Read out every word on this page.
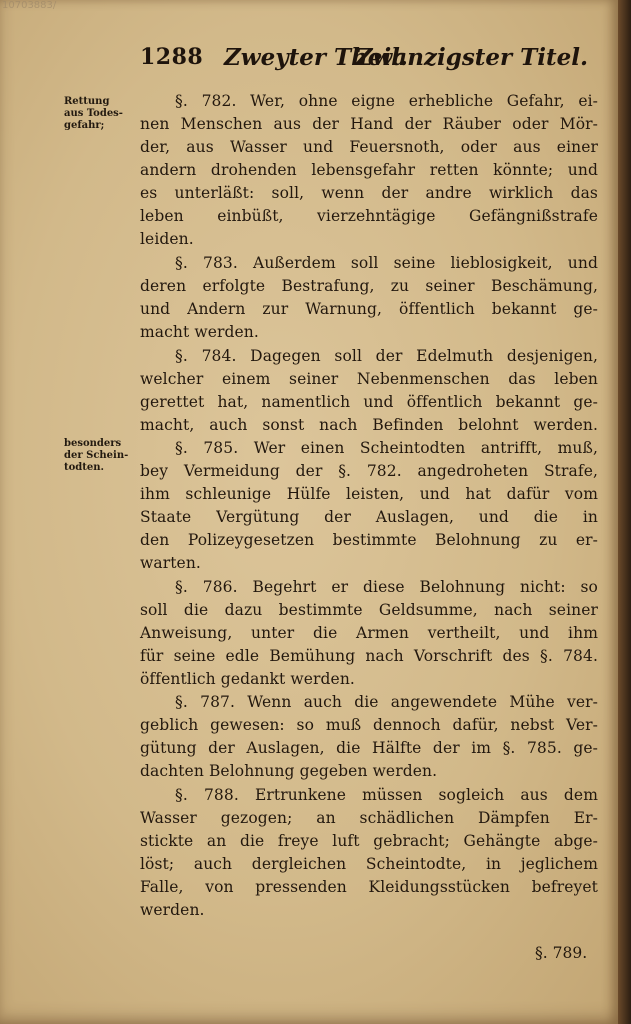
10703883/
1288 Zweyter Theil.
Zwanzigster Titel.
Rettung
aus Todes-
gefahr;
besonders
der Schein-
todten.
§. 782. Wer, ohne eigne erhebliche Gefahr, ei-
nen Menschen aus der Hand der Räuber oder Mör-
der, aus Wasser und Feuersnoth, oder aus einer
andern drohenden lebensgefahr retten könnte; und
es unterläßt: soll, wenn der andre wirklich das
leben einbüßt, vierzehntägige Gefängnißstrafe
leiden.
§. 783. Außerdem soll seine lieblosigkeit, und
deren erfolgte Bestrafung, zu seiner Beschämung,
und Andern zur Warnung, öffentlich bekannt ge-
macht werden.
§. 784. Dagegen soll der Edelmuth desjenigen,
welcher einem seiner Nebenmenschen das leben
gerettet hat, namentlich und öffentlich bekannt ge-
macht, auch sonst nach Befinden belohnt werden.
§. 785. Wer einen Scheintodten antrifft, muß,
bey Vermeidung der §. 782. angedroheten Strafe,
ihm schleunige Hülfe leisten, und hat dafür vom
Staate Vergütung der Auslagen, und die in
den Polizeygesetzen bestimmte Belohnung zu er-
warten.
§. 786. Begehrt er diese Belohnung nicht: so
soll die dazu bestimmte Geldsumme, nach seiner
Anweisung, unter die Armen vertheilt, und ihm
für seine edle Bemühung nach Vorschrift des §. 784.
öffentlich gedankt werden.
§. 787. Wenn auch die angewendete Mühe ver-
geblich gewesen: so muß dennoch dafür, nebst Ver-
gütung der Auslagen, die Hälfte der im §. 785. ge-
dachten Belohnung gegeben werden.
§. 788. Ertrunkene müssen sogleich aus dem
Wasser gezogen; an schädlichen Dämpfen Er-
stickte an die freye luft gebracht; Gehängte abge-
löst; auch dergleichen Scheintodte, in jeglichem
Falle, von pressenden Kleidungsstücken befreyet
werden.
§. 789.
